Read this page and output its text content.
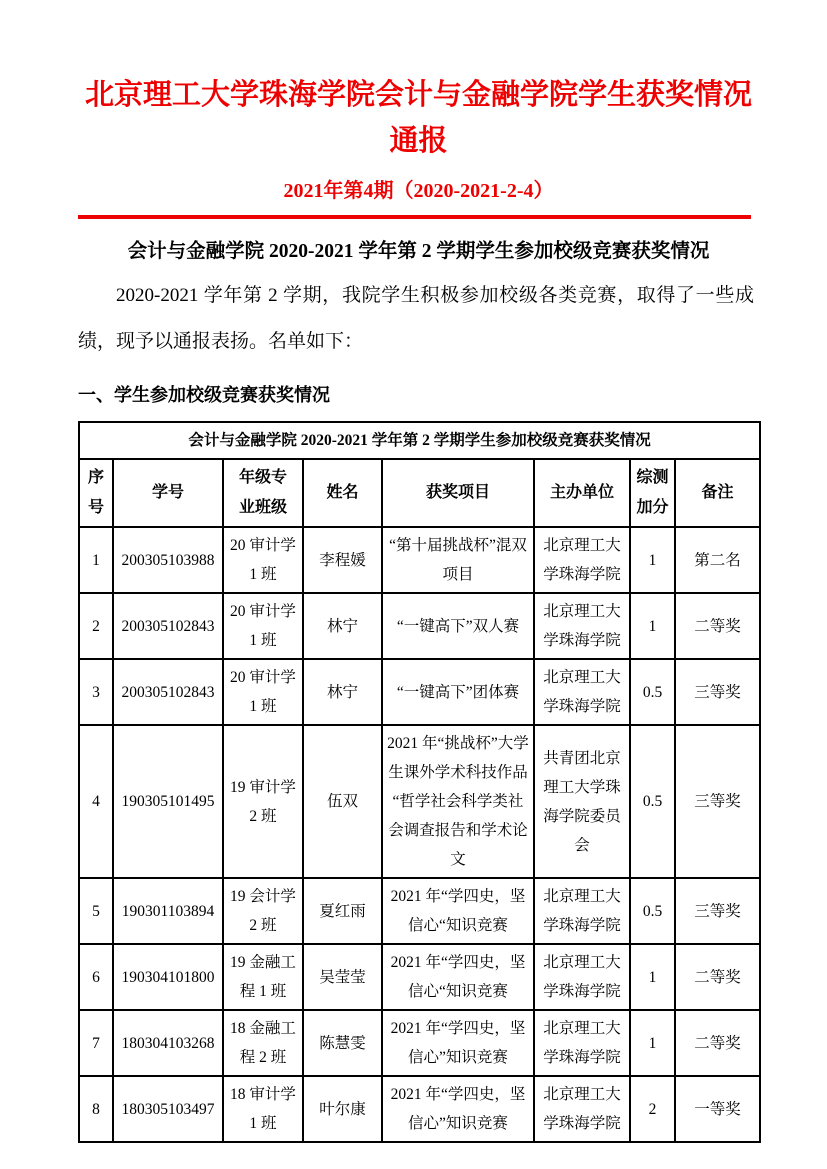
北京理工大学珠海学院会计与金融学院学生获奖情况通报
2021年第4期（2020-2021-2-4）
会计与金融学院 2020-2021 学年第 2 学期学生参加校级竞赛获奖情况
2020-2021 学年第 2 学期，我院学生积极参加校级各类竞赛，取得了一些成绩，现予以通报表扬。名单如下：
一、学生参加校级竞赛获奖情况
会计与金融学院 2020-2021 学年第 2 学期学生参加校级竞赛获奖情况							
序号	学号	年级专业班级	姓名	获奖项目	主办单位	综测加分	备注
1	200305103988	20 审计学 1 班	李程媛	“第十届挑战杯”混双项目	北京理工大学珠海学院	1	第二名
2	200305102843	20 审计学 1 班	林宁	“一键高下”双人赛	北京理工大学珠海学院	1	二等奖
3	200305102843	20 审计学 1 班	林宁	“一键高下”团体赛	北京理工大学珠海学院	0.5	三等奖
4	190305101495	19 审计学 2 班	伍双	2021 年“挑战杯”大学生课外学术科技作品“哲学社会科学类社会调查报告和学术论文	共青团北京理工大学珠海学院委员会	0.5	三等奖
5	190301103894	19 会计学 2 班	夏红雨	2021 年“学四史，坚信心“知识竞赛	北京理工大学珠海学院	0.5	三等奖
6	190304101800	19 金融工程 1 班	吴莹莹	2021 年“学四史，坚信心“知识竞赛	北京理工大学珠海学院	1	二等奖
7	180304103268	18 金融工程 2 班	陈慧雯	2021 年“学四史，坚信心”知识竞赛	北京理工大学珠海学院	1	二等奖
8	180305103497	18 审计学 1 班	叶尔康	2021 年“学四史，坚信心”知识竞赛	北京理工大学珠海学院	2	一等奖
